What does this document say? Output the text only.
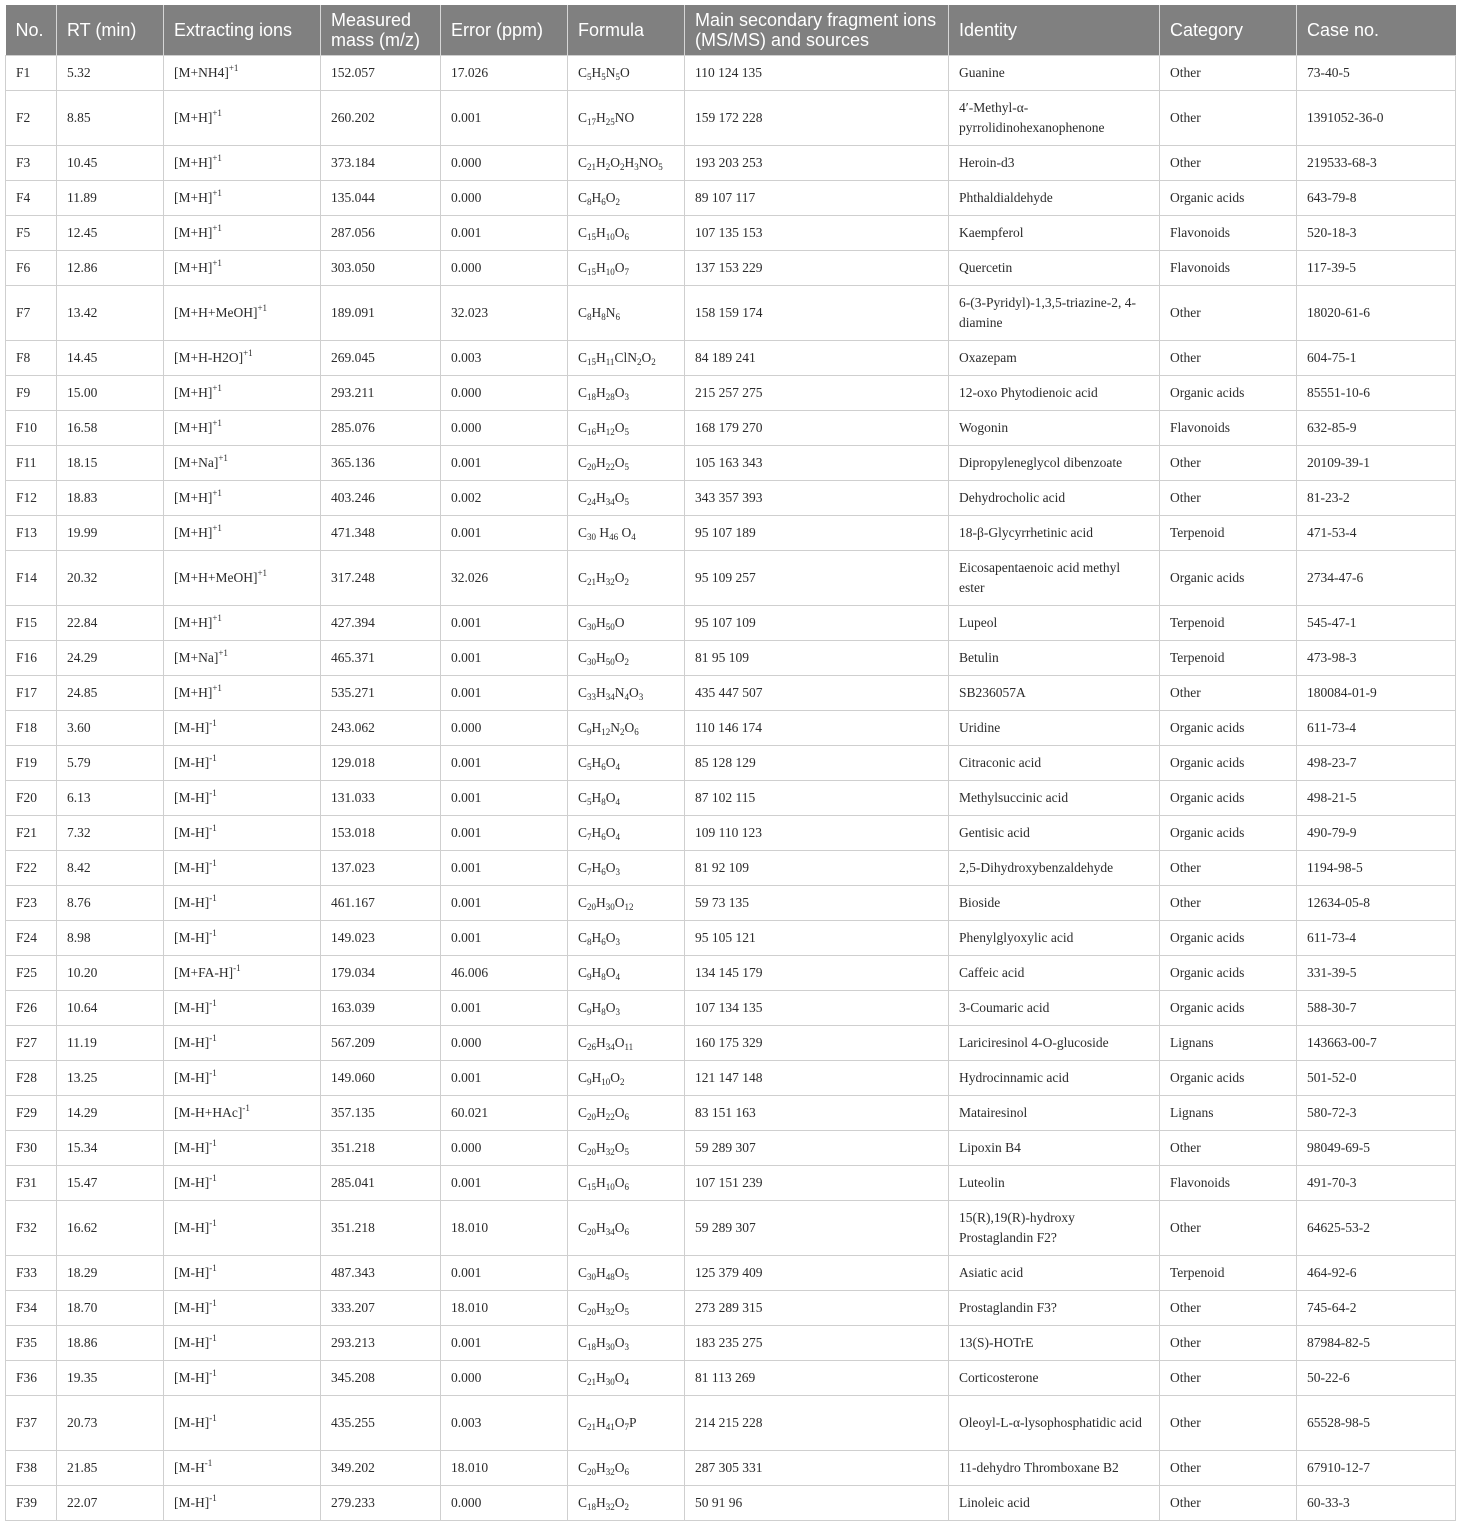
No.	RT (min)	Extracting ions	Measured mass (m/z)	Error (ppm)	Formula	Main secondary fragment ions (MS/MS) and sources	Identity	Category	Case no.
F1	5.32	$[M+NH4]^{+1}$	152.057	17.026	$C_5H_5N_5O$	110 124 135	Guanine	Other	73-40-5
F2	8.85	$[M+H]^{+1}$	260.202	0.001	$C_{17}H_{25}NO$	159 172 228	4′-Methyl-α-pyrrolidinohexanophenone	Other	1391052-36-0
F3	10.45	$[M+H]^{+1}$	373.184	0.000	$C_{21}H_2O_2H_3NO_5$	193 203 253	Heroin-d3	Other	219533-68-3
F4	11.89	$[M+H]^{+1}$	135.044	0.000	$C_8H_6O_2$	89 107 117	Phthaldialdehyde	Organic acids	643-79-8
F5	12.45	$[M+H]^{+1}$	287.056	0.001	$C_{15}H_{10}O_6$	107 135 153	Kaempferol	Flavonoids	520-18-3
F6	12.86	$[M+H]^{+1}$	303.050	0.000	$C_{15}H_{10}O_7$	137 153 229	Quercetin	Flavonoids	117-39-5
F7	13.42	[M+H+MeOH]$^{+1}$	189.091	32.023	$C_8H_8N_6$	158 159 174	6-(3-Pyridyl)-1,3,5-triazine-2, 4-diamine	Other	18020-61-6
F8	14.45	$[M+H-H2O]^{+1}$	269.045	0.003	$C_{15}H_{11}ClN_2O_2$	84 189 241	Oxazepam	Other	604-75-1
F9	15.00	$[M+H]^{+1}$	293.211	0.000	$C_{18}H_{28}O_3$	215 257 275	12-oxo Phytodienoic acid	Organic acids	85551-10-6
F10	16.58	$[M+H]^{+1}$	285.076	0.000	$C_{16}H_{12}O_5$	168 179 270	Wogonin	Flavonoids	632-85-9
F11	18.15	$[M+Na]^{+1}$	365.136	0.001	$C_{20}H_{22}O_5$	105 163 343	Dipropyleneglycol dibenzoate	Other	20109-39-1
F12	18.83	$[M+H]^{+1}$	403.246	0.002	$C_{24}H_{34}O_5$	343 357 393	Dehydrocholic acid	Other	81-23-2
F13	19.99	$[M+H]^{+1}$	471.348	0.001	$C_{30}$ $H_{46}$ $O_4$	95 107 189	18-β-Glycyrrhetinic acid	Terpenoid	471-53-4
F14	20.32	[M+H+MeOH]$^{+1}$	317.248	32.026	$C_{21}H_{32}O_2$	95 109 257	Eicosapentaenoic acid methyl ester	Organic acids	2734-47-6
F15	22.84	$[M+H]^{+1}$	427.394	0.001	$C_{30}H_{50}O$	95 107 109	Lupeol	Terpenoid	545-47-1
F16	24.29	$[M+Na]^{+1}$	465.371	0.001	$C_{30}H_{50}O_2$	81 95 109	Betulin	Terpenoid	473-98-3
F17	24.85	$[M+H]^{+1}$	535.271	0.001	$C_{33}H_{34}N_4O_3$	435 447 507	SB236057A	Other	180084-01-9
F18	3.60	$[M-H]^{-1}$	243.062	0.000	$C_9H_{12}N_2O_6$	110 146 174	Uridine	Organic acids	611-73-4
F19	5.79	$[M-H]^{-1}$	129.018	0.001	$C_5H_6O_4$	85 128 129	Citraconic acid	Organic acids	498-23-7
F20	6.13	$[M-H]^{-1}$	131.033	0.001	$C_5H_8O_4$	87 102 115	Methylsuccinic acid	Organic acids	498-21-5
F21	7.32	$[M-H]^{-1}$	153.018	0.001	$C_7H_6O_4$	109 110 123	Gentisic acid	Organic acids	490-79-9
F22	8.42	$[M-H]^{-1}$	137.023	0.001	$C_7H_6O_3$	81 92 109	2,5-Dihydroxybenzaldehyde	Other	1194-98-5
F23	8.76	$[M-H]^{-1}$	461.167	0.001	$C_{20}H_{30}O_{12}$	59 73 135	Bioside	Other	12634-05-8
F24	8.98	$[M-H]^{-1}$	149.023	0.001	$C_8H_6O_3$	95 105 121	Phenylglyoxylic acid	Organic acids	611-73-4
F25	10.20	$[M+FA-H]^{-1}$	179.034	46.006	$C_9H_8O_4$	134 145 179	Caffeic acid	Organic acids	331-39-5
F26	10.64	$[M-H]^{-1}$	163.039	0.001	$C_9H_8O_3$	107 134 135	3-Coumaric acid	Organic acids	588-30-7
F27	11.19	$[M-H]^{-1}$	567.209	0.000	$C_{26}H_{34}O_{11}$	160 175 329	Lariciresinol 4-O-glucoside	Lignans	143663-00-7
F28	13.25	$[M-H]^{-1}$	149.060	0.001	$C_9H_{10}O_2$	121 147 148	Hydrocinnamic acid	Organic acids	501-52-0
F29	14.29	$[M-H+HAc]^{-1}$	357.135	60.021	$C_{20}H_{22}O_6$	83 151 163	Matairesinol	Lignans	580-72-3
F30	15.34	$[M-H]^{-1}$	351.218	0.000	$C_{20}H_{32}O_5$	59 289 307	Lipoxin B4	Other	98049-69-5
F31	15.47	$[M-H]^{-1}$	285.041	0.001	$C_{15}H_{10}O_6$	107 151 239	Luteolin	Flavonoids	491-70-3
F32	16.62	$[M-H]^{-1}$	351.218	18.010	$C_{20}H_{34}O_6$	59 289 307	15(R),19(R)-hydroxy Prostaglandin F2?	Other	64625-53-2
F33	18.29	$[M-H]^{-1}$	487.343	0.001	$C_{30}H_{48}O_5$	125 379 409	Asiatic acid	Terpenoid	464-92-6
F34	18.70	$[M-H]^{-1}$	333.207	18.010	$C_{20}H_{32}O_5$	273 289 315	Prostaglandin F3?	Other	745-64-2
F35	18.86	$[M-H]^{-1}$	293.213	0.001	$C_{18}H_{30}O_3$	183 235 275	13(S)-HOTrE	Other	87984-82-5
F36	19.35	$[M-H]^{-1}$	345.208	0.000	$C_{21}H_{30}O_4$	81 113 269	Corticosterone	Other	50-22-6
F37	20.73	$[M-H]^{-1}$	435.255	0.003	$C_{21}H_{41}O_7P$	214 215 228	Oleoyl-L-α-lysophosphatidic acid	Other	65528-98-5
F38	21.85	[$M-H^{-1}$	349.202	18.010	$C_{20}H_{32}O_6$	287 305 331	11-dehydro Thromboxane B2	Other	67910-12-7
F39	22.07	$[M-H]^{-1}$	279.233	0.000	$C_{18}H_{32}O_2$	50 91 96	Linoleic acid	Other	60-33-3
